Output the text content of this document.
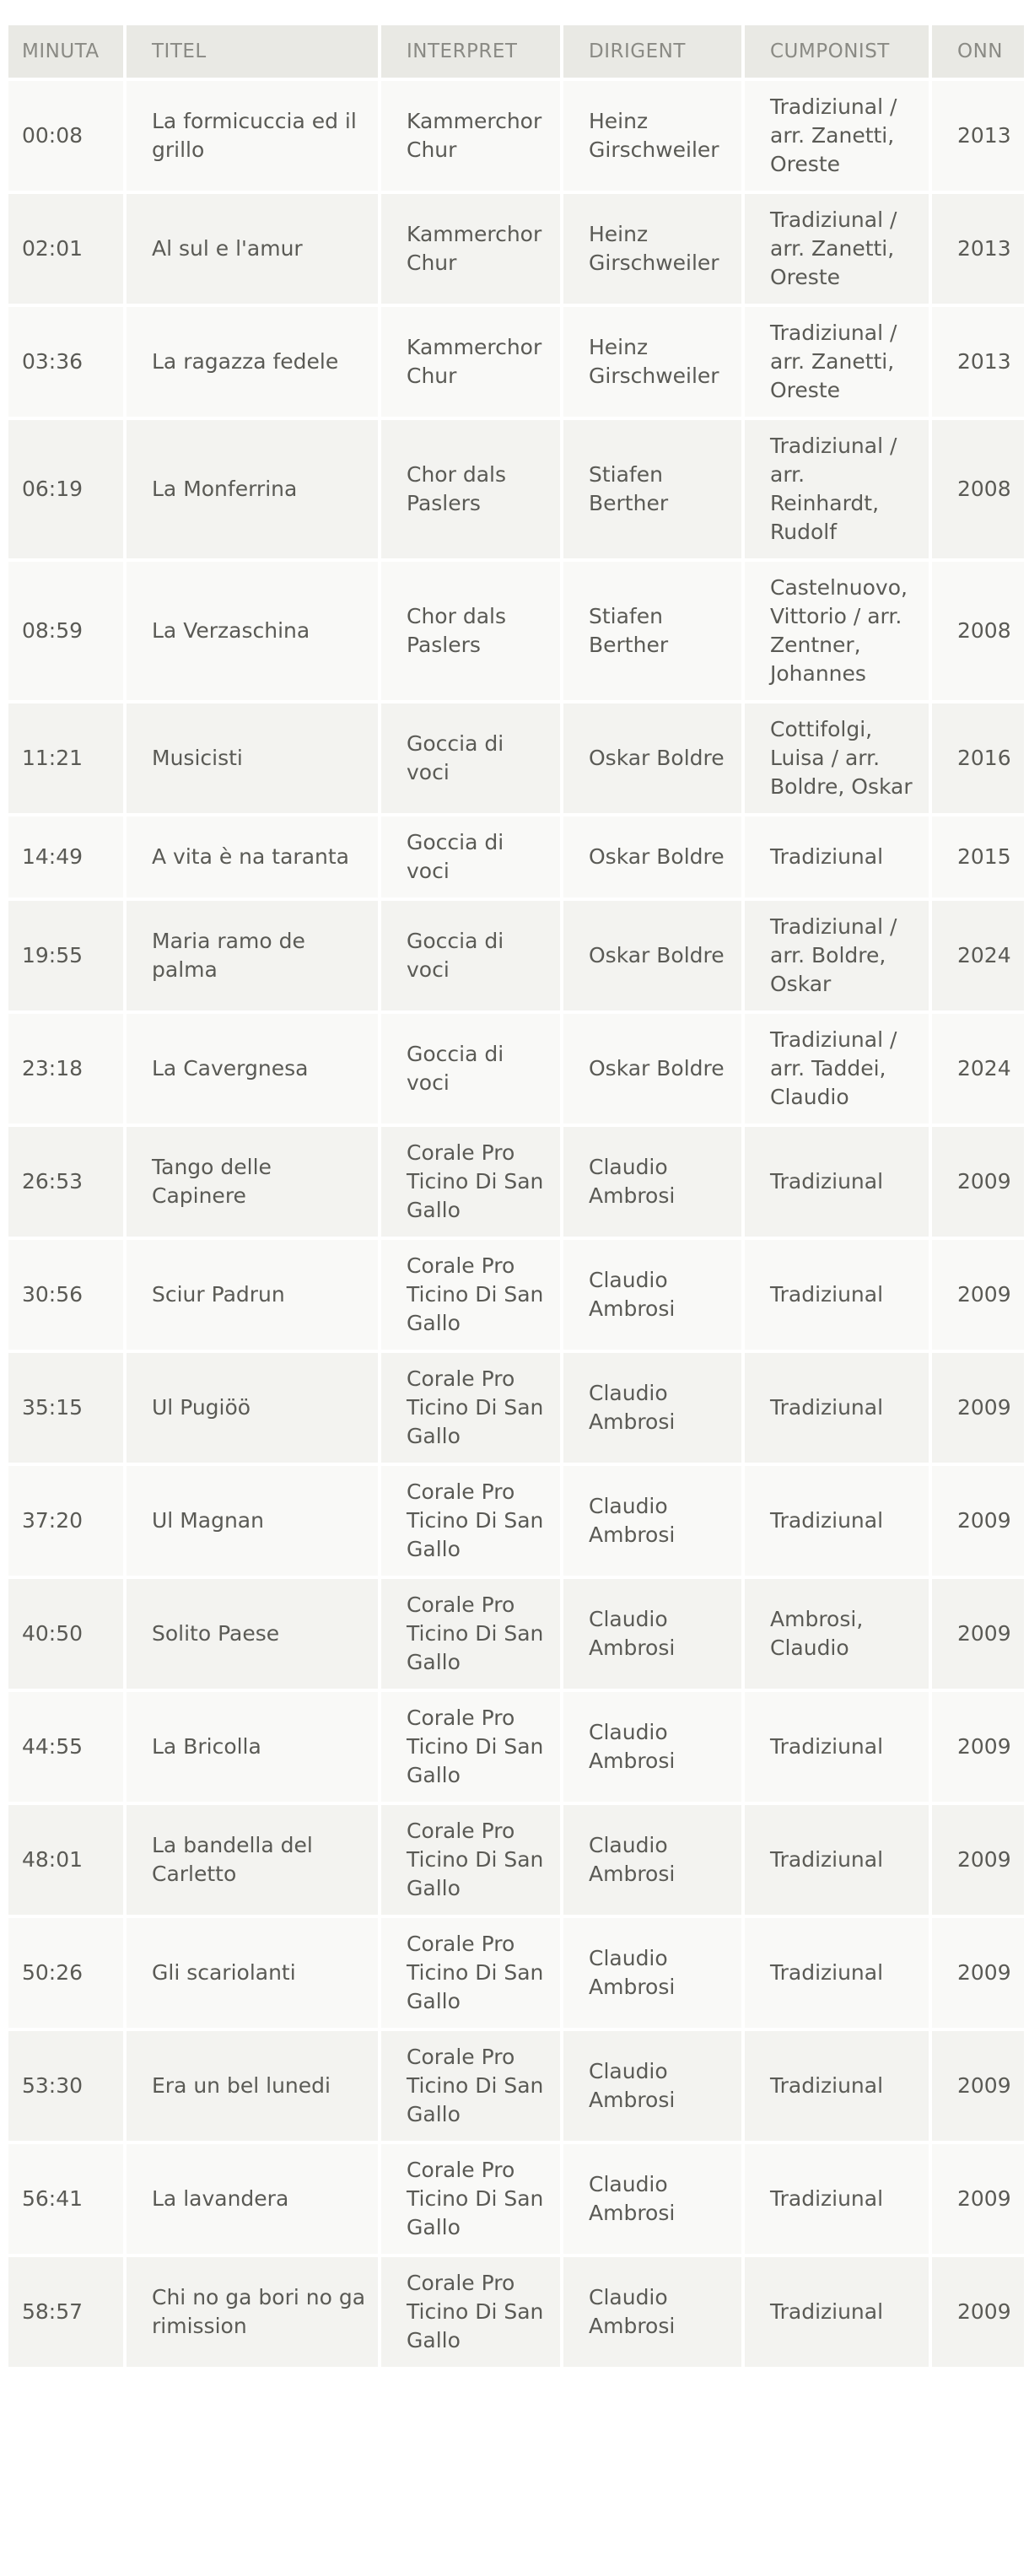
MINUTA	TITEL	INTERPRET	DIRIGENT	CUMPONIST	ONN
00:08	La formicuccia ed il grillo	Kammerchor Chur	Heinz Girschweiler	Tradiziunal / arr. Zanetti, Oreste	2013
02:01	Al sul e l'amur	Kammerchor Chur	Heinz Girschweiler	Tradiziunal / arr. Zanetti, Oreste	2013
03:36	La ragazza fedele	Kammerchor Chur	Heinz Girschweiler	Tradiziunal / arr. Zanetti, Oreste	2013
06:19	La Monferrina	Chor dals Paslers	Stiafen Berther	Tradiziunal / arr. Reinhardt, Rudolf	2008
08:59	La Verzaschina	Chor dals Paslers	Stiafen Berther	Castelnuovo, Vittorio / arr. Zentner, Johannes	2008
11:21	Musicisti	Goccia di voci	Oskar Boldre	Cottifolgi, Luisa / arr. Boldre, Oskar	2016
14:49	A vita è na taranta	Goccia di voci	Oskar Boldre	Tradiziunal	2015
19:55	Maria ramo de palma	Goccia di voci	Oskar Boldre	Tradiziunal / arr. Boldre, Oskar	2024
23:18	La Cavergnesa	Goccia di voci	Oskar Boldre	Tradiziunal / arr. Taddei, Claudio	2024
26:53	Tango delle Capinere	Corale Pro Ticino Di San Gallo	Claudio Ambrosi	Tradiziunal	2009
30:56	Sciur Padrun	Corale Pro Ticino Di San Gallo	Claudio Ambrosi	Tradiziunal	2009
35:15	Ul Pugiöö	Corale Pro Ticino Di San Gallo	Claudio Ambrosi	Tradiziunal	2009
37:20	Ul Magnan	Corale Pro Ticino Di San Gallo	Claudio Ambrosi	Tradiziunal	2009
40:50	Solito Paese	Corale Pro Ticino Di San Gallo	Claudio Ambrosi	Ambrosi, Claudio	2009
44:55	La Bricolla	Corale Pro Ticino Di San Gallo	Claudio Ambrosi	Tradiziunal	2009
48:01	La bandella del Carletto	Corale Pro Ticino Di San Gallo	Claudio Ambrosi	Tradiziunal	2009
50:26	Gli scariolanti	Corale Pro Ticino Di San Gallo	Claudio Ambrosi	Tradiziunal	2009
53:30	Era un bel lunedi	Corale Pro Ticino Di San Gallo	Claudio Ambrosi	Tradiziunal	2009
56:41	La lavandera	Corale Pro Ticino Di San Gallo	Claudio Ambrosi	Tradiziunal	2009
58:57	Chi no ga bori no ga rimission	Corale Pro Ticino Di San Gallo	Claudio Ambrosi	Tradiziunal	2009
